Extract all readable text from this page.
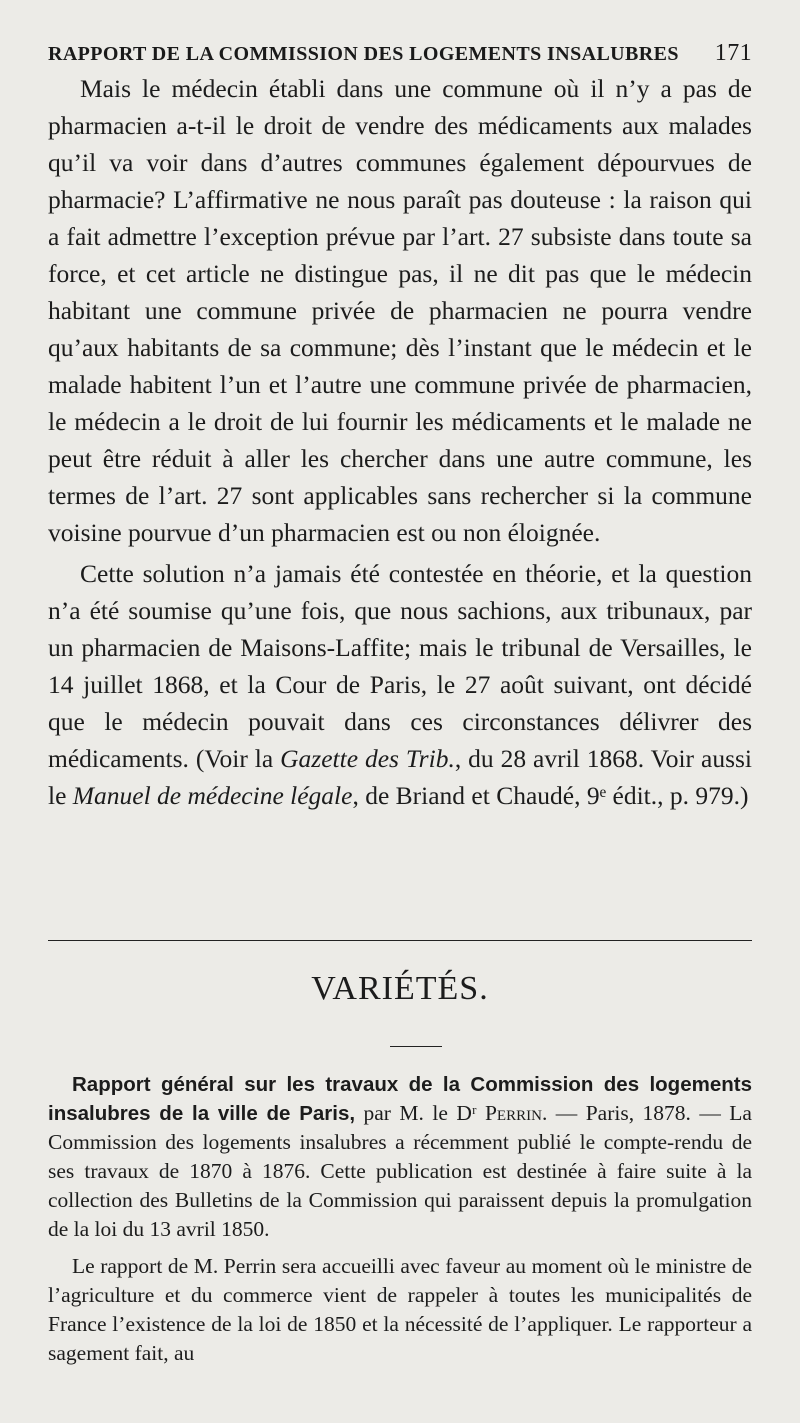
RAPPORT DE LA COMMISSION DES LOGEMENTS INSALUBRES 171

Mais le médecin établi dans une commune où il n’y a pas de pharmacien a-t-il le droit de vendre des médicaments aux malades qu’il va voir dans d’autres communes également dépourvues de pharmacie? L’affirmative ne nous paraît pas douteuse : la raison qui a fait admettre l’exception prévue par l’art. 27 subsiste dans toute sa force, et cet article ne distingue pas, il ne dit pas que le médecin habitant une commune privée de pharmacien ne pourra vendre qu’aux habitants de sa commune; dès l’instant que le médecin et le malade habitent l’un et l’autre une commune privée de pharmacien, le médecin a le droit de lui fournir les médicaments et le malade ne peut être réduit à aller les chercher dans une autre commune, les termes de l’art. 27 sont applicables sans rechercher si la commune voisine pourvue d’un pharmacien est ou non éloignée.

Cette solution n’a jamais été contestée en théorie, et la question n’a été soumise qu’une fois, que nous sachions, aux tribunaux, par un pharmacien de Maisons-Laffite; mais le tribunal de Versailles, le 14 juillet 1868, et la Cour de Paris, le 27 août suivant, ont décidé que le médecin pouvait dans ces circonstances délivrer des médicaments. (Voir la Gazette des Trib., du 28 avril 1868. Voir aussi le Manuel de médecine légale, de Briand et Chaudé, 9ᵉ édit., p. 979.)

VARIÉTÉS.

Rapport général sur les travaux de la Commission des logements insalubres de la ville de Paris, par M. le Dʳ Perrin. — Paris, 1878. — La Commission des logements insalubres a récemment publié le compte-rendu de ses travaux de 1870 à 1876. Cette publication est destinée à faire suite à la collection des Bulletins de la Commission qui paraissent depuis la promulgation de la loi du 13 avril 1850.

Le rapport de M. Perrin sera accueilli avec faveur au moment où le ministre de l’agriculture et du commerce vient de rappeler à toutes les municipalités de France l’existence de la loi de 1850 et la nécessité de l’appliquer. Le rapporteur a sagement fait, au
